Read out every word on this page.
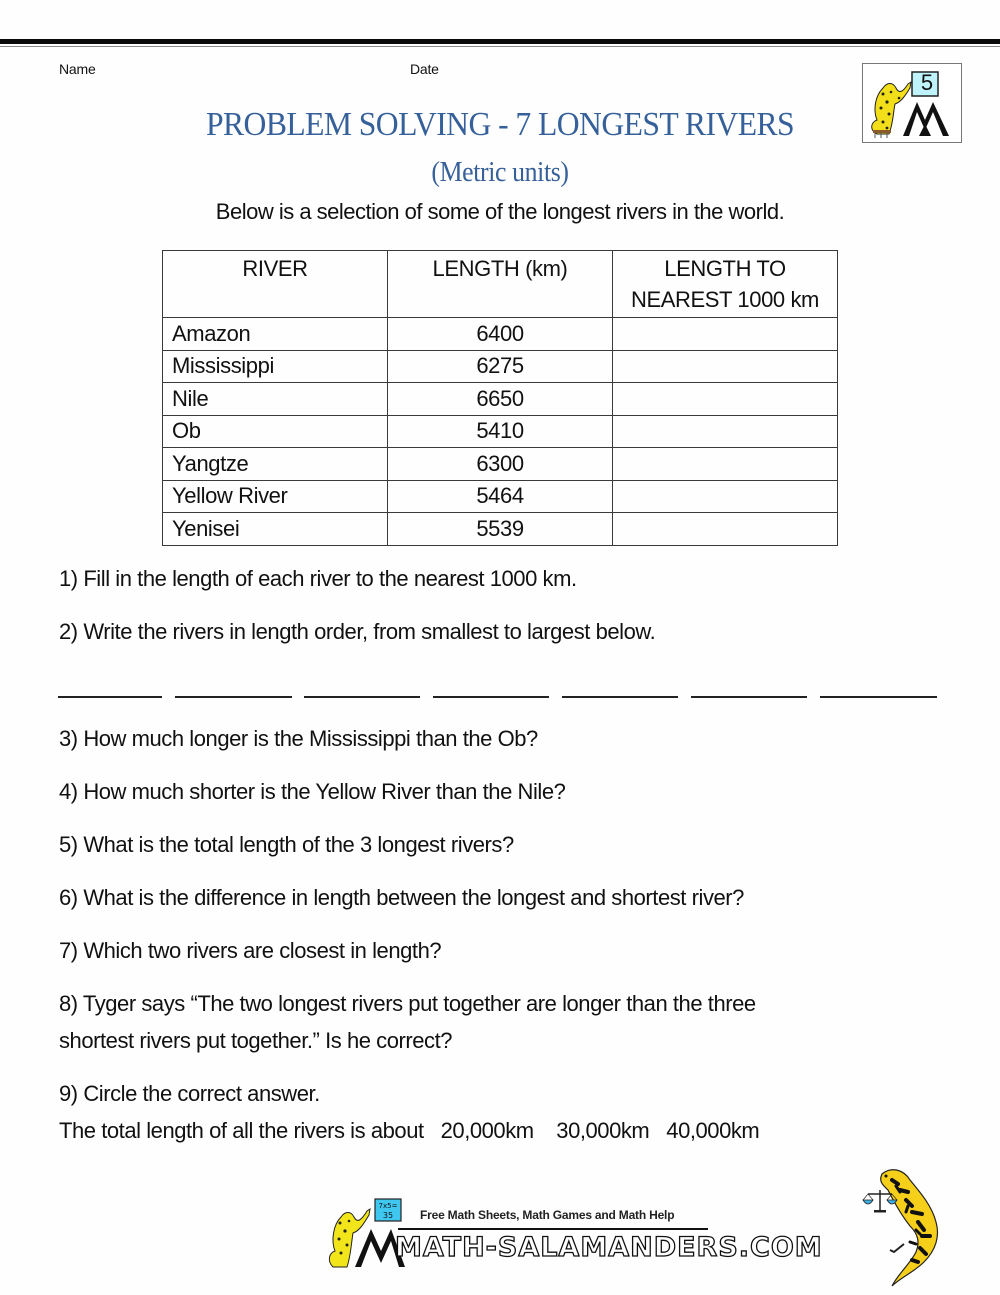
Name	Date
5
PROBLEM SOLVING - 7 LONGEST RIVERS
(Metric units)
Below is a selection of some of the longest rivers in the world.
RIVER	LENGTH (km)	LENGTH TO
NEAREST 1000 km

Amazon	6400	
Mississippi	6275	
Nile	6650	
Ob	5410	
Yangtze	6300	
Yellow River	5464	
Yenisei	5539	
1) Fill in the length of each river to the nearest 1000 km.
2) Write the rivers in length order, from smallest to largest below.
3) How much longer is the Mississippi than the Ob?
4) How much shorter is the Yellow River than the Nile?
5) What is the total length of the 3 longest rivers?
6) What is the difference in length between the longest and shortest river?
7) Which two rivers are closest in length?
8) Tyger says “The two longest rivers put together are longer than the three
shortest rivers put together.” Is he correct?
9) Circle the correct answer.
The total length of all the rivers is about   20,000km    30,000km   40,000km
7x5=
35 Free Math Sheets, Math Games and Math Help
MATH-SALAMANDERS.COM
